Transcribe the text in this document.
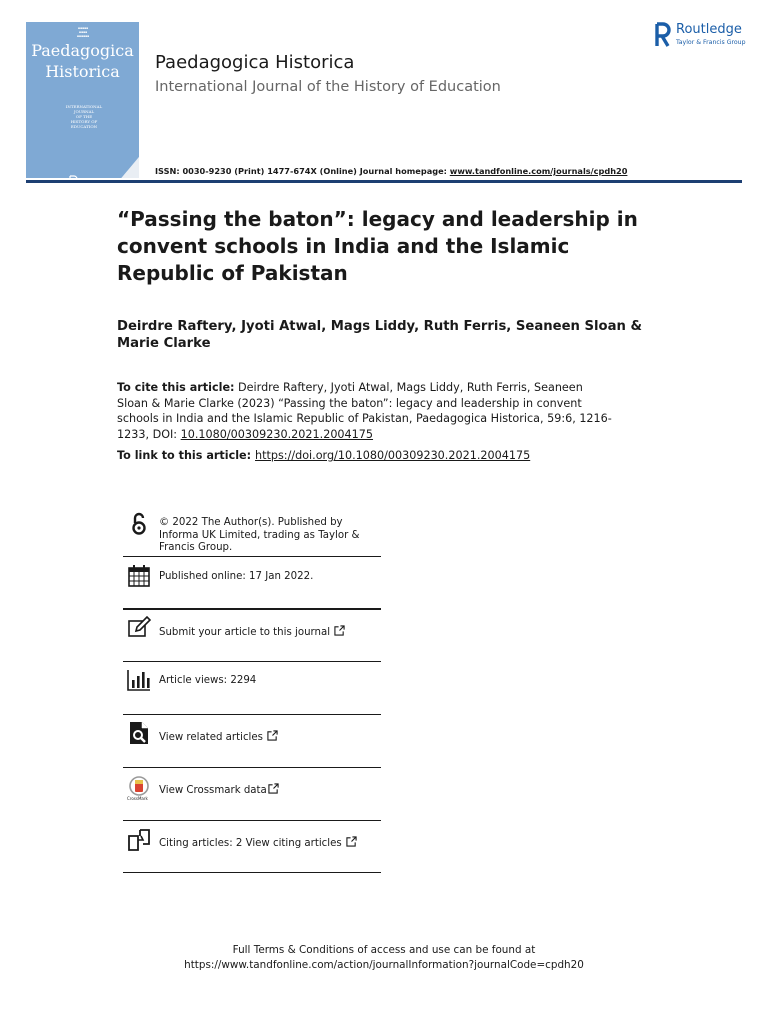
▪▪▪▪▪
▪▪▪▪
▪▪▪▪▪▪
Paedagogica
Historica
INTERNATIONAL
JOURNAL
OF THE
HISTORY OF
EDUCATION
Paedagogica Historica
International Journal of the History of Education
ISSN: 0030-9230 (Print) 1477-674X (Online) Journal homepage: www.tandfonline.com/journals/cpdh20
Routledge
Taylor & Francis Group
“Passing the baton”: legacy and leadership in convent schools in India and the Islamic Republic of Pakistan
Deirdre Raftery, Jyoti Atwal, Mags Liddy, Ruth Ferris, Seaneen Sloan & Marie Clarke
To cite this article: Deirdre Raftery, Jyoti Atwal, Mags Liddy, Ruth Ferris, Seaneen Sloan & Marie Clarke (2023) “Passing the baton”: legacy and leadership in convent schools in India and the Islamic Republic of Pakistan, Paedagogica Historica, 59:6, 1216-1233, DOI: 10.1080/00309230.2021.2004175
To link to this article: https://doi.org/10.1080/00309230.2021.2004175
© 2022 The Author(s). Published by Informa UK Limited, trading as Taylor & Francis Group.
Published online: 17 Jan 2022.
Submit your article to this journal
Article views: 2294
View related articles
CrossMark
View Crossmark data
Citing articles: 2 View citing articles
Full Terms & Conditions of access and use can be found at
https://www.tandfonline.com/action/journalInformation?journalCode=cpdh20
